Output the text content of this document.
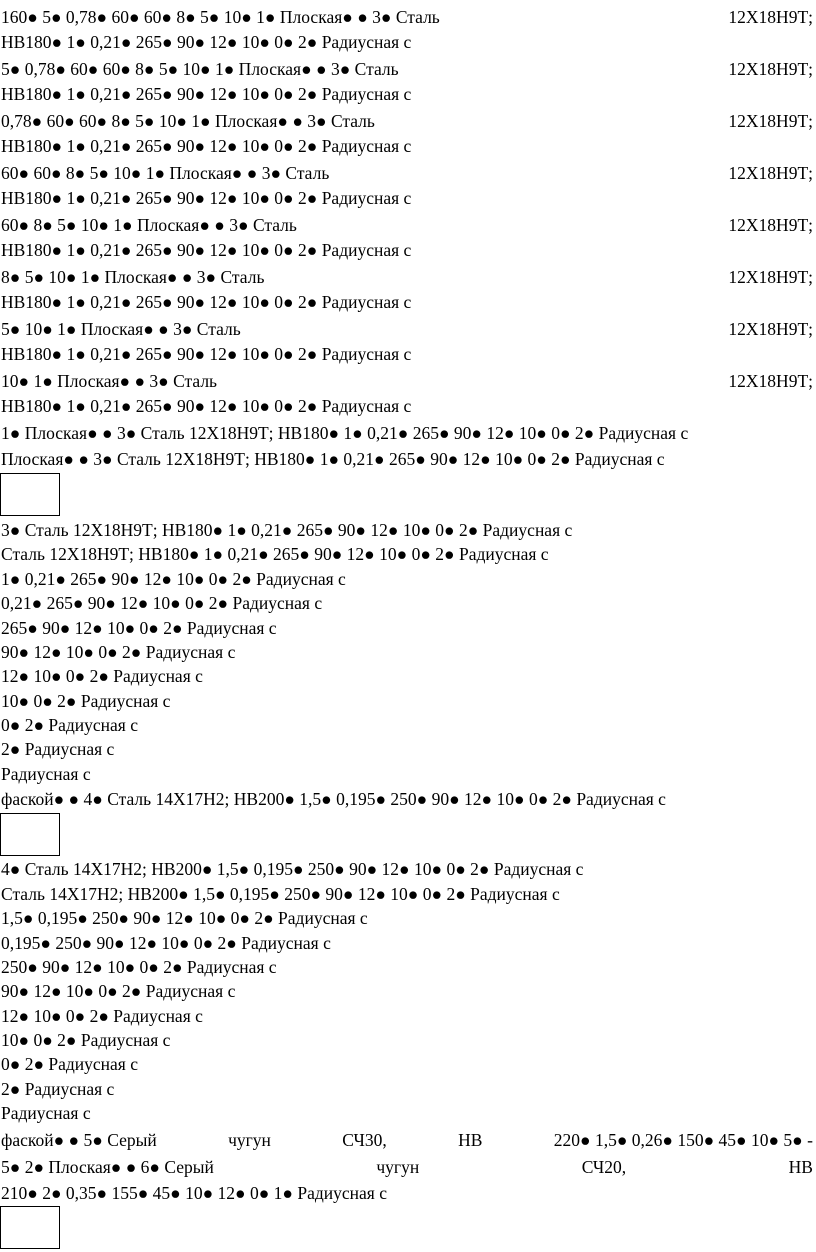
160● 5● 0,78● 60● 60● 8● 5● 10● 1● Плоская● ● 3● Сталь	12Х18Н9Т;
НВ180● 1● 0,21● 265● 90● 12● 10● 0● 2● Радиусная с
5● 0,78● 60● 60● 8● 5● 10● 1● Плоская● ● 3● Сталь	12Х18Н9Т;
НВ180● 1● 0,21● 265● 90● 12● 10● 0● 2● Радиусная с
0,78● 60● 60● 8● 5● 10● 1● Плоская● ● 3● Сталь	12Х18Н9Т;
НВ180● 1● 0,21● 265● 90● 12● 10● 0● 2● Радиусная с
60● 60● 8● 5● 10● 1● Плоская● ● 3● Сталь	12Х18Н9Т;
НВ180● 1● 0,21● 265● 90● 12● 10● 0● 2● Радиусная с
60● 8● 5● 10● 1● Плоская● ● 3● Сталь	12Х18Н9Т;
НВ180● 1● 0,21● 265● 90● 12● 10● 0● 2● Радиусная с
8● 5● 10● 1● Плоская● ● 3● Сталь	12Х18Н9Т;
НВ180● 1● 0,21● 265● 90● 12● 10● 0● 2● Радиусная с
5● 10● 1● Плоская● ● 3● Сталь	12Х18Н9Т;
НВ180● 1● 0,21● 265● 90● 12● 10● 0● 2● Радиусная с
10● 1● Плоская● ● 3● Сталь	12Х18Н9Т;
НВ180● 1● 0,21● 265● 90● 12● 10● 0● 2● Радиусная с
1● Плоская● ● 3● Сталь 12Х18Н9Т; НВ180● 1● 0,21● 265● 90● 12● 10● 0● 2● Радиусная с
Плоская● ● 3● Сталь 12Х18Н9Т; НВ180● 1● 0,21● 265● 90● 12● 10● 0● 2● Радиусная с
3● Сталь 12Х18Н9Т; НВ180● 1● 0,21● 265● 90● 12● 10● 0● 2● Радиусная с
Сталь 12Х18Н9Т; НВ180● 1● 0,21● 265● 90● 12● 10● 0● 2● Радиусная с
1● 0,21● 265● 90● 12● 10● 0● 2● Радиусная с
0,21● 265● 90● 12● 10● 0● 2● Радиусная с
265● 90● 12● 10● 0● 2● Радиусная с
90● 12● 10● 0● 2● Радиусная с
12● 10● 0● 2● Радиусная с
10● 0● 2● Радиусная с
0● 2● Радиусная с
2● Радиусная с
Радиусная с
фаской● ● 4● Сталь 14Х17Н2; НВ200● 1,5● 0,195● 250● 90● 12● 10● 0● 2● Радиусная с
4● Сталь 14Х17Н2; НВ200● 1,5● 0,195● 250● 90● 12● 10● 0● 2● Радиусная с
Сталь 14Х17Н2; НВ200● 1,5● 0,195● 250● 90● 12● 10● 0● 2● Радиусная с
1,5● 0,195● 250● 90● 12● 10● 0● 2● Радиусная с
0,195● 250● 90● 12● 10● 0● 2● Радиусная с
250● 90● 12● 10● 0● 2● Радиусная с
90● 12● 10● 0● 2● Радиусная с
12● 10● 0● 2● Радиусная с
10● 0● 2● Радиусная с
0● 2● Радиусная с
2● Радиусная с
Радиусная с
фаской● ● 5● Серый	чугун	СЧ30,	НВ	220● 1,5● 0,26● 150● 45● 10● 5● -
5● 2● Плоская● ● 6● Серый	чугун	СЧ20,	НВ
210● 2● 0,35● 155● 45● 10● 12● 0● 1● Радиусная с
